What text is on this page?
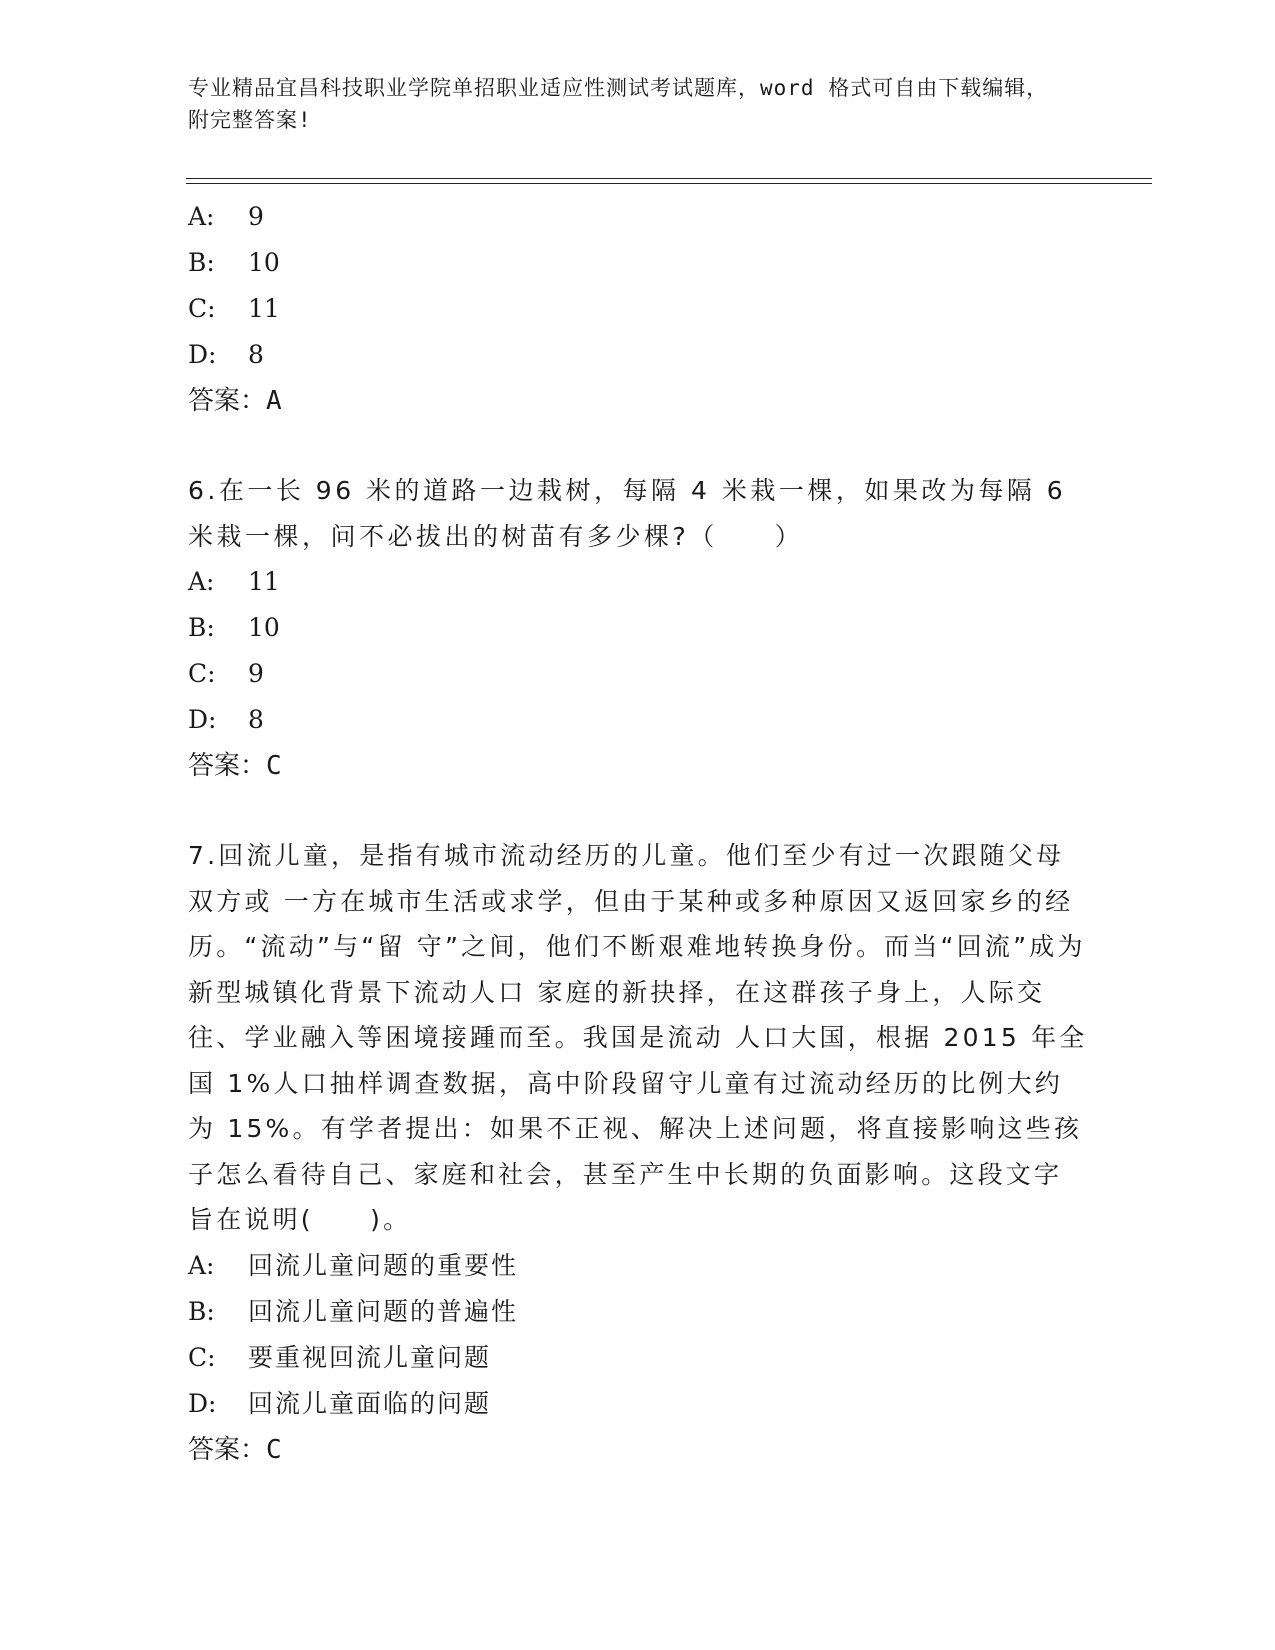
专业精品宜昌科技职业学院单招职业适应性测试考试题库，word 格式可自由下载编辑，附完整答案!
A: 9
B: 10
C: 11
D: 8
答案：A
6.在一长 96 米的道路一边栽树，每隔 4 米栽一棵，如果改为每隔 6 米栽一棵，问不必拔出的树苗有多少棵?（　　）
A: 11
B: 10
C: 9
D: 8
答案：C
7.回流儿童，是指有城市流动经历的儿童。他们至少有过一次跟随父母双方或 一方在城市生活或求学，但由于某种或多种原因又返回家乡的经历。“流动”与“留 守”之间，他们不断艰难地转换身份。而当“回流”成为新型城镇化背景下流动人口 家庭的新抉择，在这群孩子身上，人际交往、学业融入等困境接踵而至。我国是流动 人口大国，根据 2015 年全国 1%人口抽样调查数据，高中阶段留守儿童有过流动经历的比例大约为 15%。有学者提出：如果不正视、解决上述问题，将直接影响这些孩 子怎么看待自己、家庭和社会，甚至产生中长期的负面影响。这段文字旨在说明(　　)。
A: 回流儿童问题的重要性
B: 回流儿童问题的普遍性
C: 要重视回流儿童问题
D: 回流儿童面临的问题
答案：C
